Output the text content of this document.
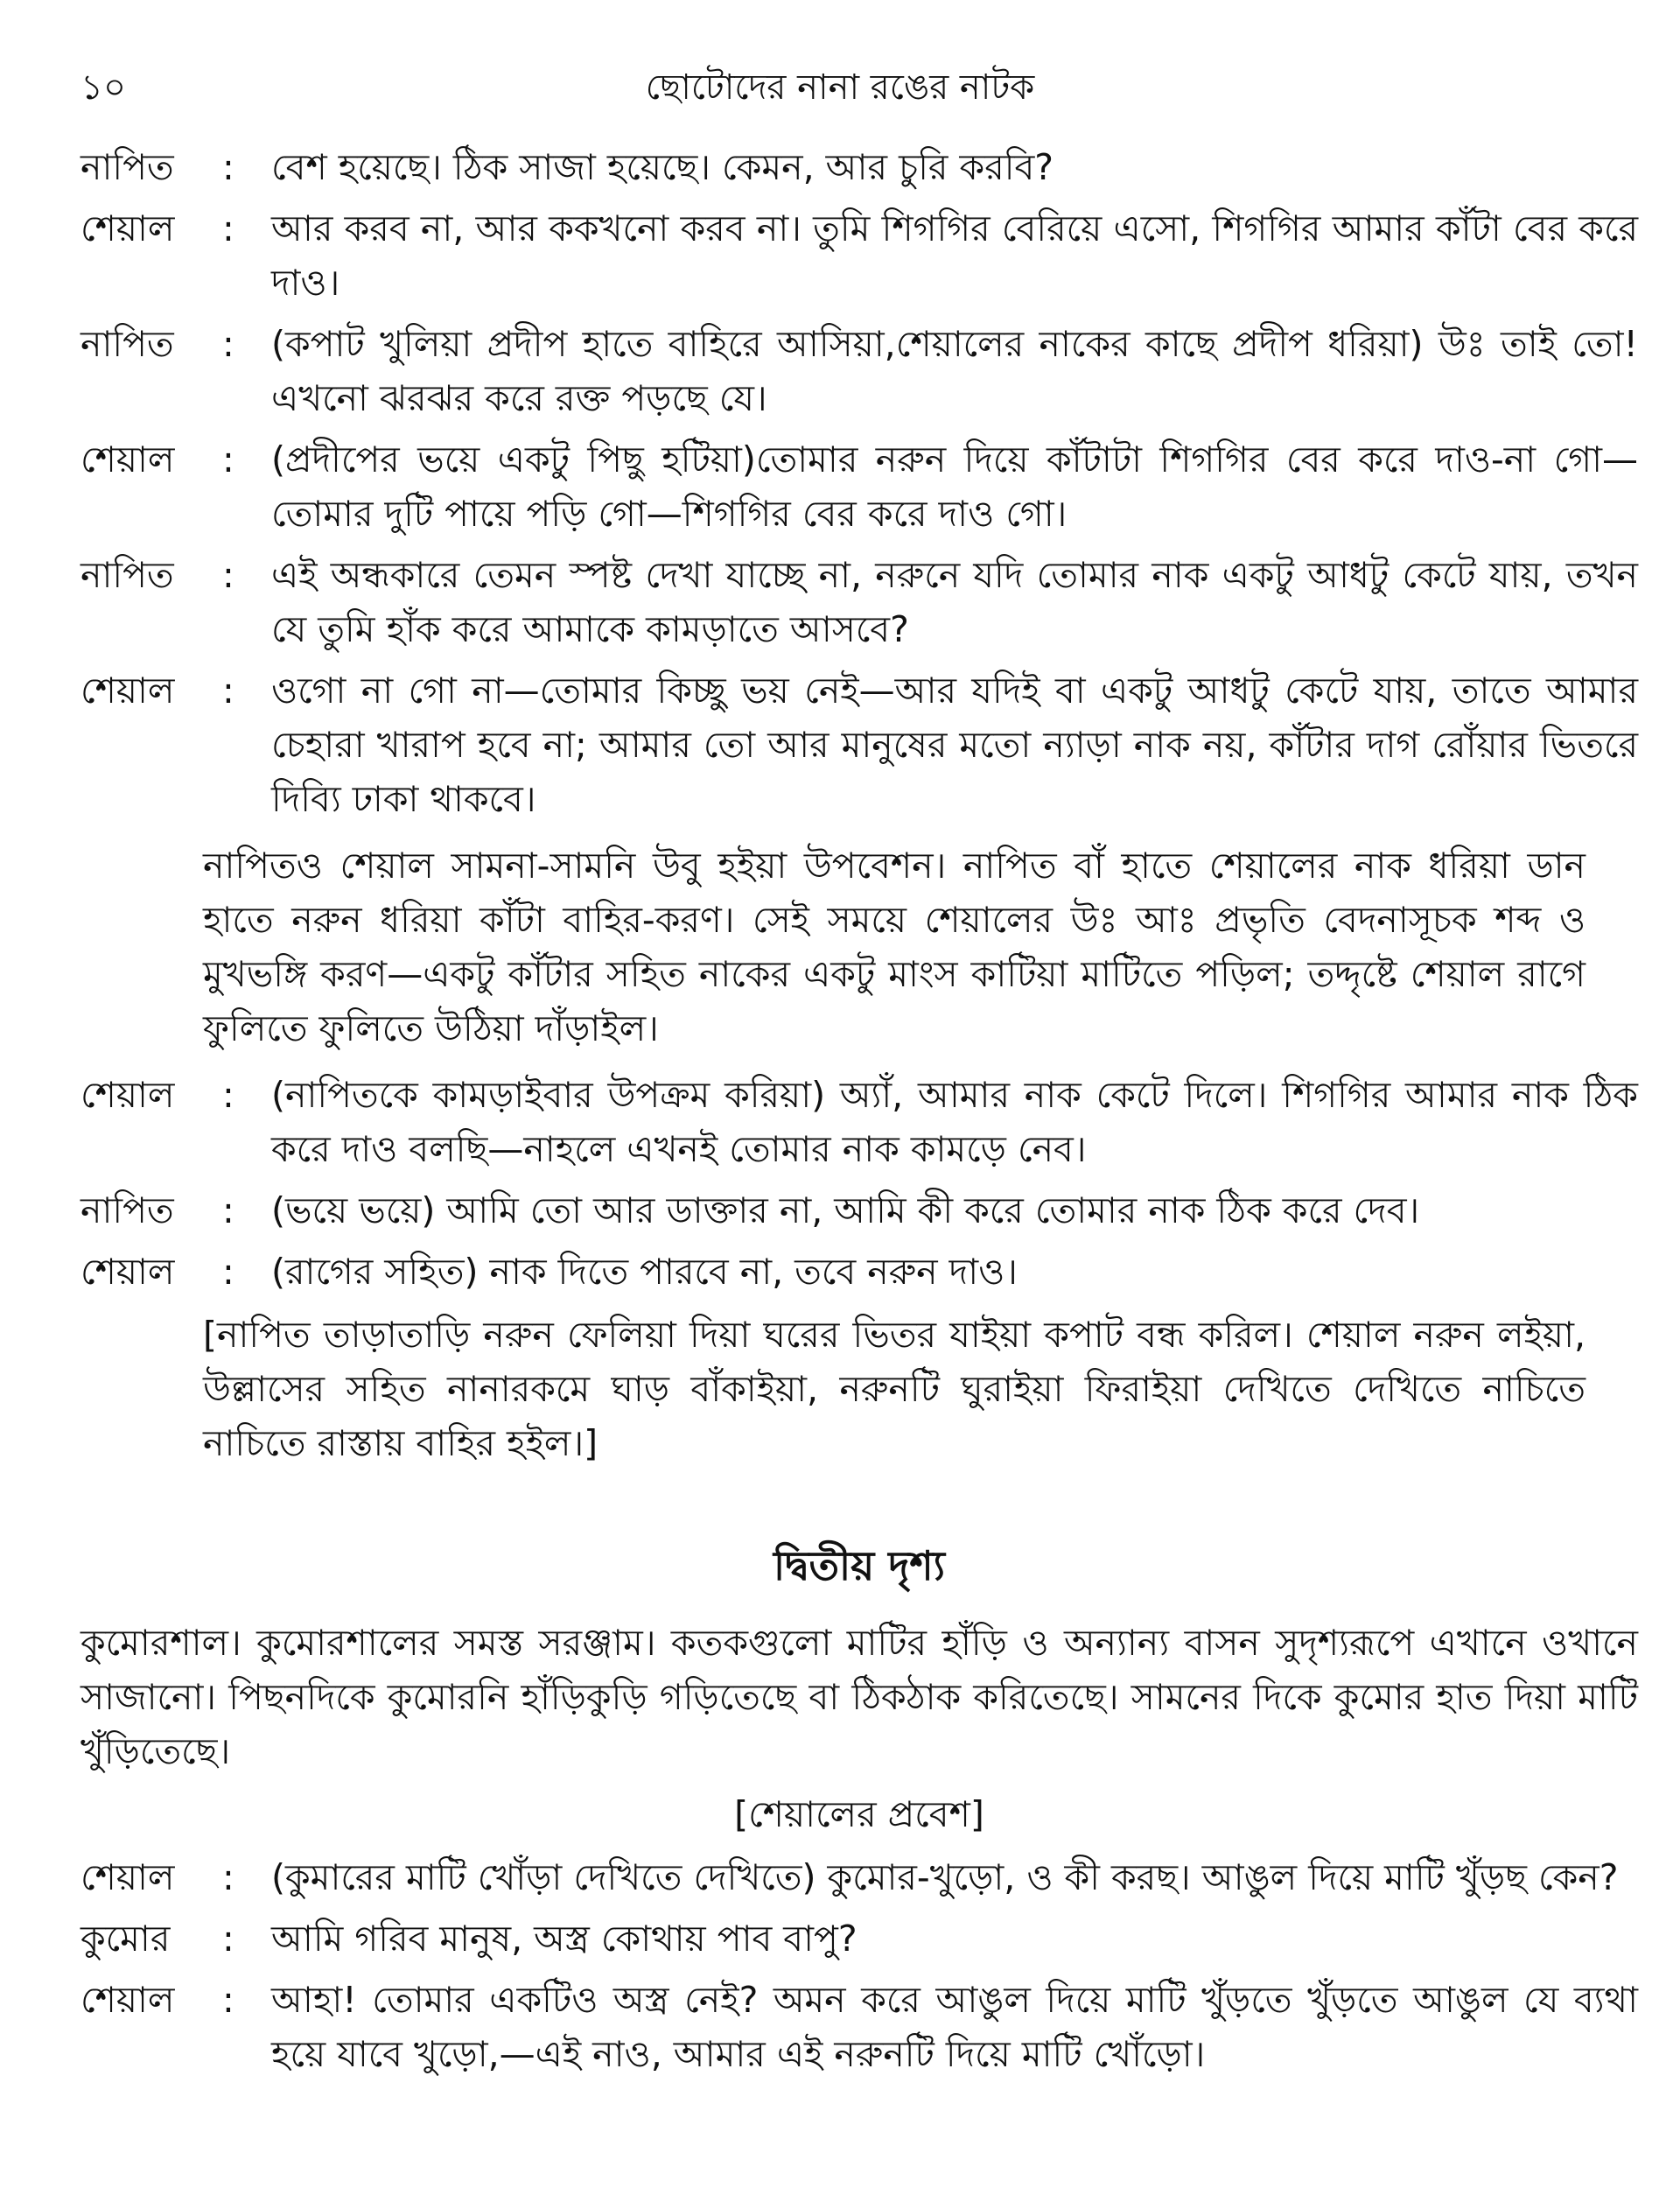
১০	ছোটোদের নানা রঙের নাটক
নাপিত	:	বেশ হয়েছে। ঠিক সাজা হয়েছে। কেমন, আর চুরি করবি?
শেয়াল	:	আর করব না, আর ককখনো করব না। তুমি শিগগির বেরিয়ে এসো, শিগগির আমার কাঁটা বের করে দাও।
নাপিত	:	(কপাট খুলিয়া প্রদীপ হাতে বাহিরে আসিয়া,শেয়ালের নাকের কাছে প্রদীপ ধরিয়া) উঃ তাই তো! এখনো ঝরঝর করে রক্ত পড়ছে যে।
শেয়াল	:	(প্রদীপের ভয়ে একটু পিছু হটিয়া)তোমার নরুন দিয়ে কাঁটাটা শিগগির বের করে দাও-না গো—তোমার দুটি পায়ে পড়ি গো—শিগগির বের করে দাও গো।
নাপিত	:	এই অন্ধকারে তেমন স্পষ্ট দেখা যাচ্ছে না, নরুনে যদি তোমার নাক একটু আধটু কেটে যায়, তখন যে তুমি হাঁক করে আমাকে কামড়াতে আসবে?
শেয়াল	:	ওগো না গো না—তোমার কিচ্ছু ভয় নেই—আর যদিই বা একটু আধটু কেটে যায়, তাতে আমার চেহারা খারাপ হবে না; আমার তো আর মানুষের মতো ন্যাড়া নাক নয়, কাঁটার দাগ রোঁয়ার ভিতরে দিব্যি ঢাকা থাকবে।
নাপিতও শেয়াল সামনা-সামনি উবু হইয়া উপবেশন। নাপিত বাঁ হাতে শেয়ালের নাক ধরিয়া ডান হাতে নরুন ধরিয়া কাঁটা বাহির-করণ। সেই সময়ে শেয়ালের উঃ আঃ প্রভৃতি বেদনাসূচক শব্দ ও মুখভঙ্গি করণ—একটু কাঁটার সহিত নাকের একটু মাংস কাটিয়া মাটিতে পড়িল; তদ্দৃষ্টে শেয়াল রাগে ফুলিতে ফুলিতে উঠিয়া দাঁড়াইল।
শেয়াল	:	(নাপিতকে কামড়াইবার উপক্রম করিয়া) অ্যাঁ, আমার নাক কেটে দিলে। শিগগির আমার নাক ঠিক করে দাও বলছি—নাহলে এখনই তোমার নাক কামড়ে নেব।
নাপিত	:	(ভয়ে ভয়ে) আমি তো আর ডাক্তার না, আমি কী করে তোমার নাক ঠিক করে দেব।
শেয়াল	:	(রাগের সহিত) নাক দিতে পারবে না, তবে নরুন দাও।
[নাপিত তাড়াতাড়ি নরুন ফেলিয়া দিয়া ঘরের ভিতর যাইয়া কপাট বন্ধ করিল। শেয়াল নরুন লইয়া, উল্লাসের সহিত নানারকমে ঘাড় বাঁকাইয়া, নরুনটি ঘুরাইয়া ফিরাইয়া দেখিতে দেখিতে নাচিতে নাচিতে রাস্তায় বাহির হইল।]
দ্বিতীয় দৃশ্য
কুমোরশাল। কুমোরশালের সমস্ত সরঞ্জাম। কতকগুলো মাটির হাঁড়ি ও অন্যান্য বাসন সুদৃশ্যরূপে এখানে ওখানে সাজানো। পিছনদিকে কুমোরনি হাঁড়িকুড়ি গড়িতেছে বা ঠিকঠাক করিতেছে। সামনের দিকে কুমোর হাত দিয়া মাটি খুঁড়িতেছে।
[শেয়ালের প্রবেশ]
শেয়াল	:	(কুমারের মাটি খোঁড়া দেখিতে দেখিতে) কুমোর-খুড়ো, ও কী করছ। আঙুল দিয়ে মাটি খুঁড়ছ কেন?
কুমোর	:	আমি গরিব মানুষ, অস্ত্র কোথায় পাব বাপু?
শেয়াল	:	আহা! তোমার একটিও অস্ত্র নেই? অমন করে আঙুল দিয়ে মাটি খুঁড়তে খুঁড়তে আঙুল যে ব্যথা হয়ে যাবে খুড়ো,—এই নাও, আমার এই নরুনটি দিয়ে মাটি খোঁড়ো।
